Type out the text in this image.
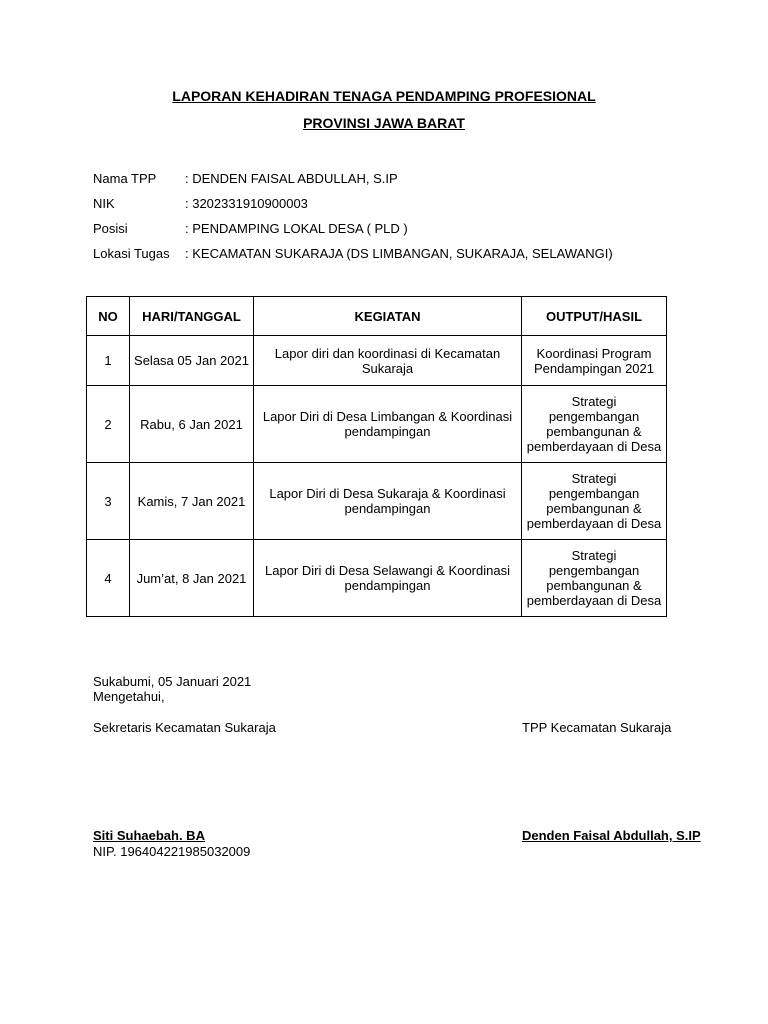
LAPORAN KEHADIRAN TENAGA PENDAMPING PROFESIONAL
PROVINSI JAWA BARAT
Nama TPP : DENDEN FAISAL ABDULLAH, S.IP
NIK	: 3202331910900003
Posisi	: PENDAMPING LOKAL DESA ( PLD )
Lokasi Tugas : KECAMATAN SUKARAJA (DS LIMBANGAN, SUKARAJA, SELAWANGI)
NO	HARI/TANGGAL	KEGIATAN	OUTPUT/HASIL
1	Selasa 05 Jan 2021	Lapor diri dan koordinasi di Kecamatan Sukaraja	Koordinasi Program Pendampingan 2021
2	Rabu, 6 Jan 2021	Lapor Diri di Desa Limbangan & Koordinasi pendampingan	Strategi pengembangan pembangunan & pemberdayaan di Desa
3	Kamis, 7 Jan 2021	Lapor Diri di Desa Sukaraja & Koordinasi pendampingan	Strategi pengembangan pembangunan & pemberdayaan di Desa
4	Jum’at, 8 Jan 2021	Lapor Diri di Desa Selawangi & Koordinasi pendampingan	Strategi pengembangan pembangunan & pemberdayaan di Desa
Sukabumi, 05 Januari 2021
Mengetahui,
Sekretaris Kecamatan Sukaraja	TPP Kecamatan Sukaraja
Siti Suhaebah. BA
NIP. 196404221985032009
Denden Faisal Abdullah, S.IP
